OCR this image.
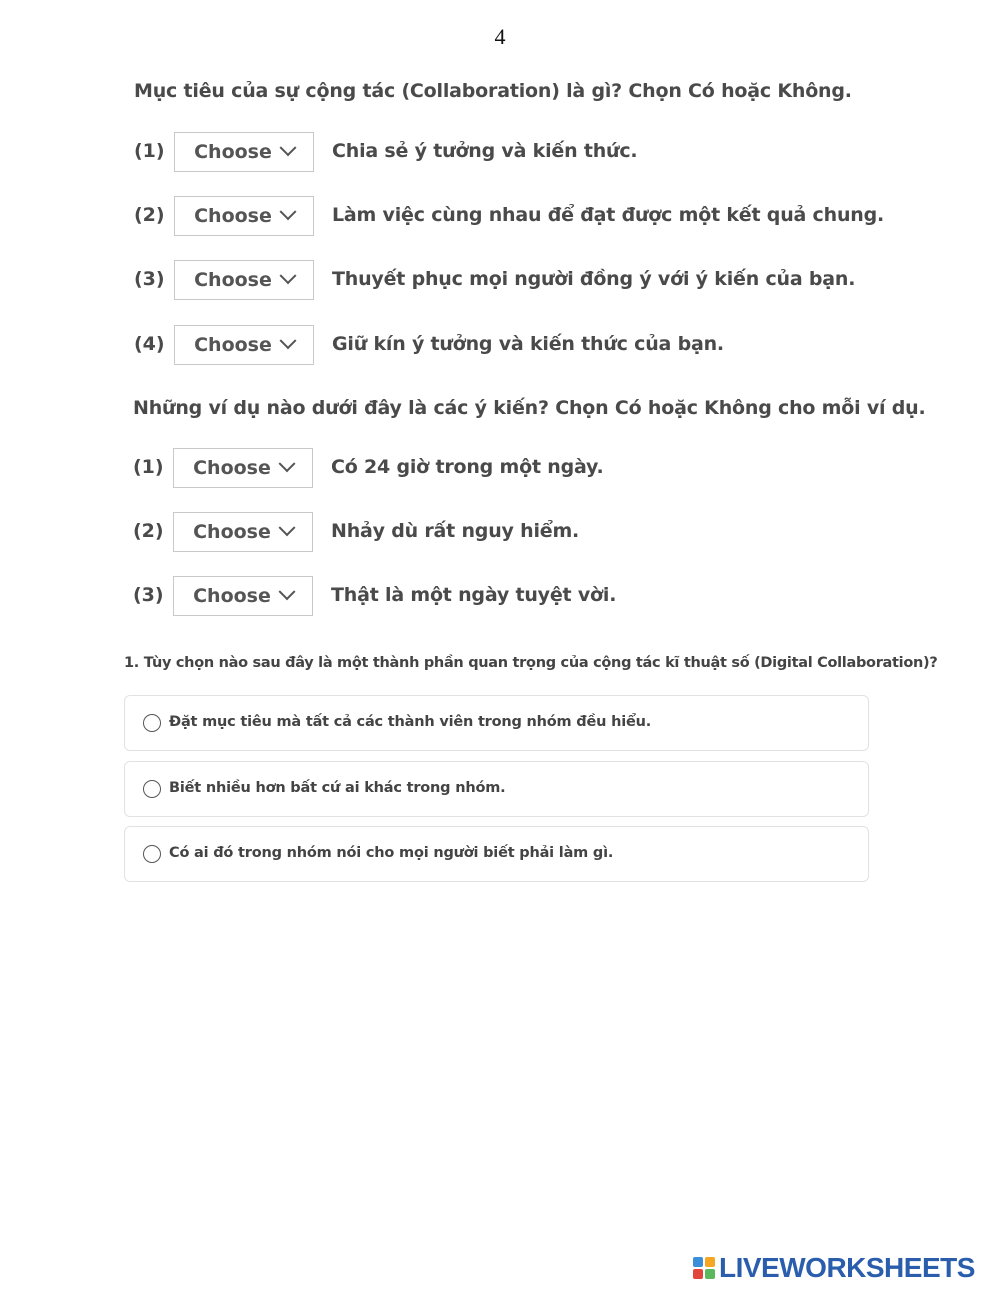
4
Mục tiêu của sự cộng tác (Collaboration) là gì? Chọn Có hoặc Không.
(1) Choose	Chia sẻ ý tưởng và kiến thức.
(2) Choose	Làm việc cùng nhau để đạt được một kết quả chung.
(3) Choose	Thuyết phục mọi người đồng ý với ý kiến của bạn.
(4) Choose	Giữ kín ý tưởng và kiến thức của bạn.
Những ví dụ nào dưới đây là các ý kiến? Chọn Có hoặc Không cho mỗi ví dụ.
(1) Choose	Có 24 giờ trong một ngày.
(2) Choose	Nhảy dù rất nguy hiểm.
(3) Choose	Thật là một ngày tuyệt vời.
1. Tùy chọn nào sau đây là một thành phần quan trọng của cộng tác kĩ thuật số (Digital Collaboration)?
Đặt mục tiêu mà tất cả các thành viên trong nhóm đều hiểu.
Biết nhiều hơn bất cứ ai khác trong nhóm.
Có ai đó trong nhóm nói cho mọi người biết phải làm gì.
LIVEWORKSHEETS
